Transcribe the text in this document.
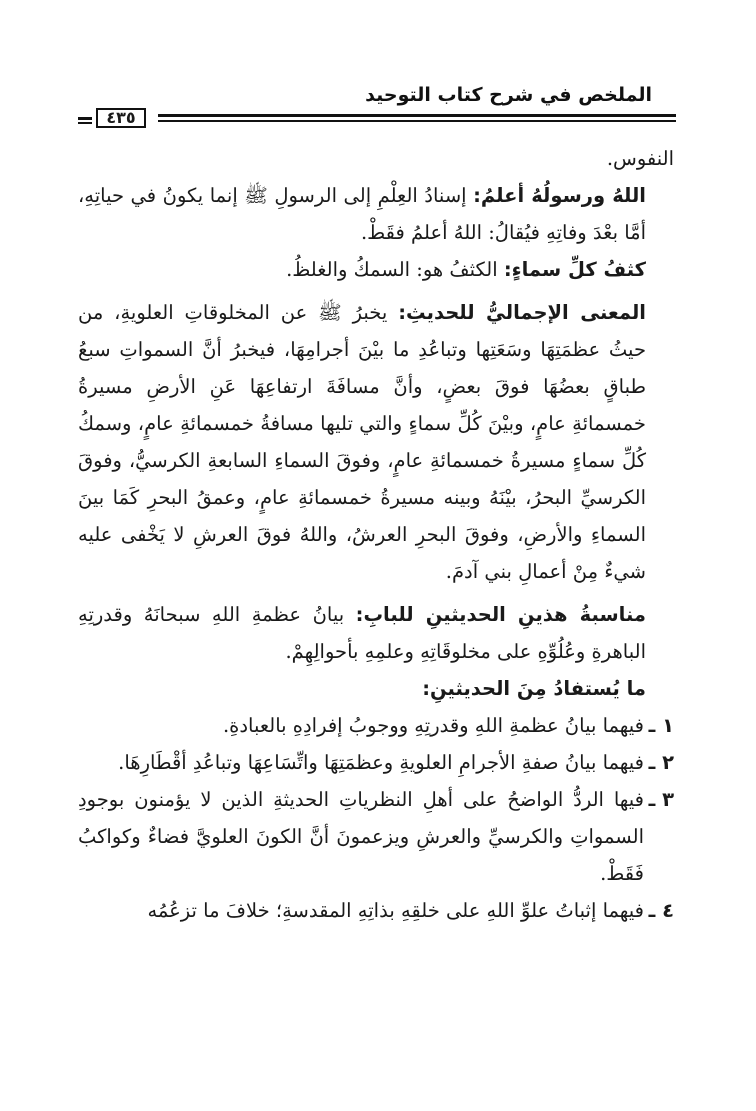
الملخص في شرح كتاب التوحيد
٤٣٥

النفوس.

اللهُ ورسولُهُ أعلمُ: إسنادُ العِلْمِ إلى الرسولِ ﷺ إنما يكونُ في حياتِهِ، أمَّا بعْدَ وفاتِهِ فيُقالُ: اللهُ أعلمُ فقَطْ.

كثفُ كلِّ سماءٍ: الكثفُ هو: السمكُ والغلظُ.

المعنى الإجماليُّ للحديثِ: يخبرُ ﷺ عن المخلوقاتِ العلويةِ، من حيثُ عظمَتِهَا وسَعَتِها وتباعُدِ ما بيْنَ أجرامِهَا، فيخبرُ أنَّ السمواتِ سبعُ طباقٍ بعضُهَا فوقَ بعضٍ، وأنَّ مسافَةَ ارتفاعِهَا عَنِ الأرضِ مسيرةُ خمسمائةِ عامٍ، وبيْنَ كُلِّ سماءٍ والتي تليها مسافةُ خمسمائةِ عامٍ، وسمكُ كُلِّ سماءٍ مسيرةُ خمسمائةِ عامٍ، وفوقَ السماءِ السابعةِ الكرسيُّ، وفوقَ الكرسيِّ البحرُ، بيْنَهُ وبينه مسيرةُ خمسمائةِ عامٍ، وعمقُ البحرِ كَمَا بينَ السماءِ والأرضِ، وفوقَ البحرِ العرشُ، واللهُ فوقَ العرشِ لا يَخْفى عليه شيءٌ مِنْ أعمالِ بني آدمَ.

مناسبةُ هذينِ الحديثينِ للبابِ: بيانُ عظمةِ اللهِ سبحانَهُ وقدرتِهِ الباهرةِ وعُلُوِّهِ على مخلوقَاتِهِ وعلمِهِ بأحوالِهِمْ.

ما يُستفادُ مِنَ الحديثينِ:

١ ـ
فيهما بيانُ عظمةِ اللهِ وقدرتِهِ ووجوبُ إفرادِهِ بالعبادةِ.

٢ ـ
فيهما بيانُ صفةِ الأجرامِ العلويةِ وعظمَتِهَا واتِّسَاعِهَا وتباعُدِ أقْطَارِهَا.

٣ ـ
فيها الردُّ الواضحُ على أهلِ النظرياتِ الحديثةِ الذين لا يؤمنون بوجودِ السمواتِ والكرسيِّ والعرشِ ويزعمونَ أنَّ الكونَ العلويَّ فضاءٌ وكواكبُ فَقَطْ.

٤ ـ
فيهما إثباتُ علوِّ اللهِ على خلقِهِ بذاتِهِ المقدسةِ؛ خلافَ ما تزعُمُه
